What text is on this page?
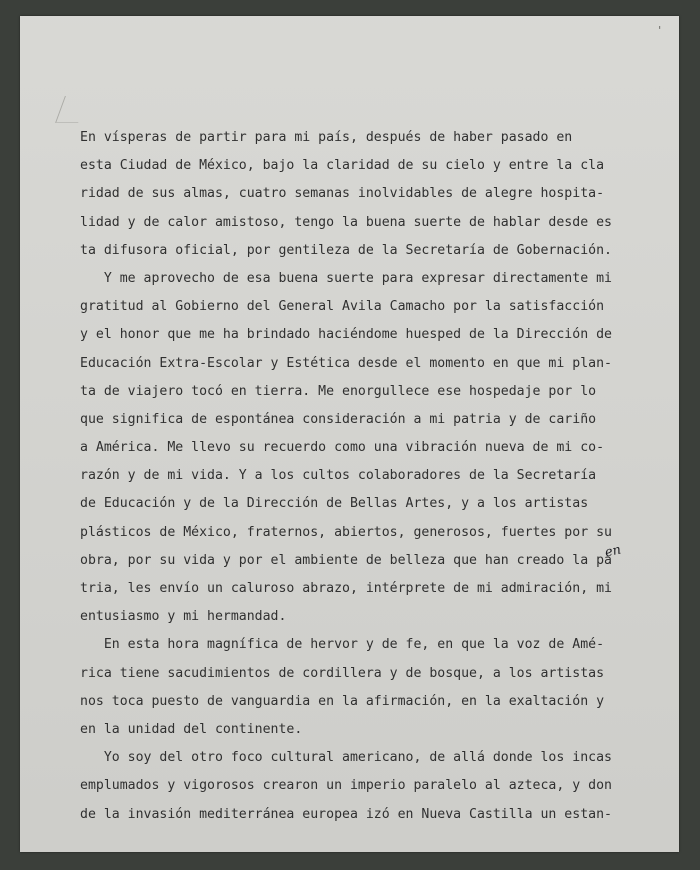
'
En vísperas de partir para mi país, después de haber pasado en
esta Ciudad de México, bajo la claridad de su cielo y entre la cla
ridad de sus almas, cuatro semanas inolvidables de alegre hospita-
lidad y de calor amistoso, tengo la buena suerte de hablar desde es
ta difusora oficial, por gentileza de la Secretaría de Gobernación.
Y me aprovecho de esa buena suerte para expresar directamente mi
gratitud al Gobierno del General Avila Camacho por la satisfacción
y el honor que me ha brindado haciéndome huesped de la Dirección de
Educación Extra-Escolar y Estética desde el momento en que mi plan-
ta de viajero tocó en tierra. Me enorgullece ese hospedaje por lo
que significa de espontánea consideración a mi patria y de cariño
a América. Me llevo su recuerdo como una vibración nueva de mi co-
razón y de mi vida. Y a los cultos colaboradores de la Secretaría
de Educación y de la Dirección de Bellas Artes, y a los artistas
plásticos de México, fraternos, abiertos, generosos, fuertes por su
obra, por su vida y por el ambiente de belleza que han creado la pa
tria, les envío un caluroso abrazo, intérprete de mi admiración, mi
entusiasmo y mi hermandad.
En esta hora magnífica de hervor y de fe, en que la voz de Amé-
rica tiene sacudimientos de cordillera y de bosque, a los artistas
nos toca puesto de vanguardia en la afirmación, en la exaltación y
en la unidad del continente.
Yo soy del otro foco cultural americano, de allá donde los incas
emplumados y vigorosos crearon un imperio paralelo al azteca, y don
de la invasión mediterránea europea izó en Nueva Castilla un estan-
en
